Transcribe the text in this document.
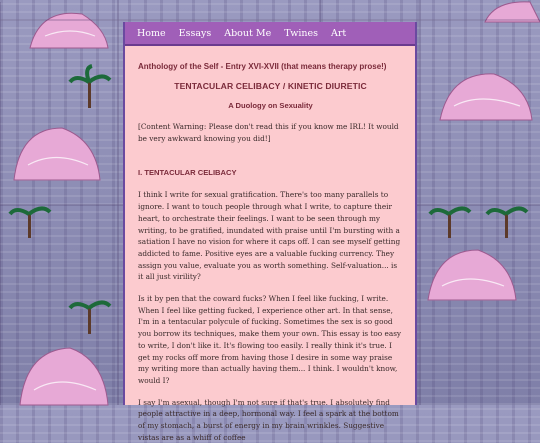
Home Essays About Me Twines Art
Anthology of the Self - Entry XVI-XVII (that means therapy prose!)
TENTACULAR CELIBACY / KINETIC DIURETIC
A Duology on Sexuality

[Content Warning: Please don't read this if you know me IRL! It would be very awkward knowing you did!]

I. TENTACULAR CELIBACY

I think I write for sexual gratification. There's too many parallels to ignore. I want to touch people through what I write, to capture their heart, to orchestrate their feelings. I want to be seen through my writing, to be gratified, inundated with praise until I'm bursting with a satiation I have no vision for where it caps off. I can see myself getting addicted to fame. Positive eyes are a valuable fucking currency. They assign you value, evaluate you as worth something. Self-valuation... is it all just virility?

Is it by pen that the coward fucks? When I feel like fucking, I write. When I feel like getting fucked, I experience other art. In that sense, I'm in a tentacular polycule of fucking. Sometimes the sex is so good you borrow its techniques, make them your own. This essay is too easy to write, I don't like it. It's flowing too easily. I really think it's true. I get my rocks off more from having those I desire in some way praise my writing more than actually having them... I think. I wouldn't know, would I?

I say I'm asexual, though I'm not sure if that's true. I absolutely find people attractive in a deep, hormonal way. I feel a spark at the bottom of my stomach, a burst of energy in my brain wrinkles. Suggestive vistas are as a whiff of coffee
